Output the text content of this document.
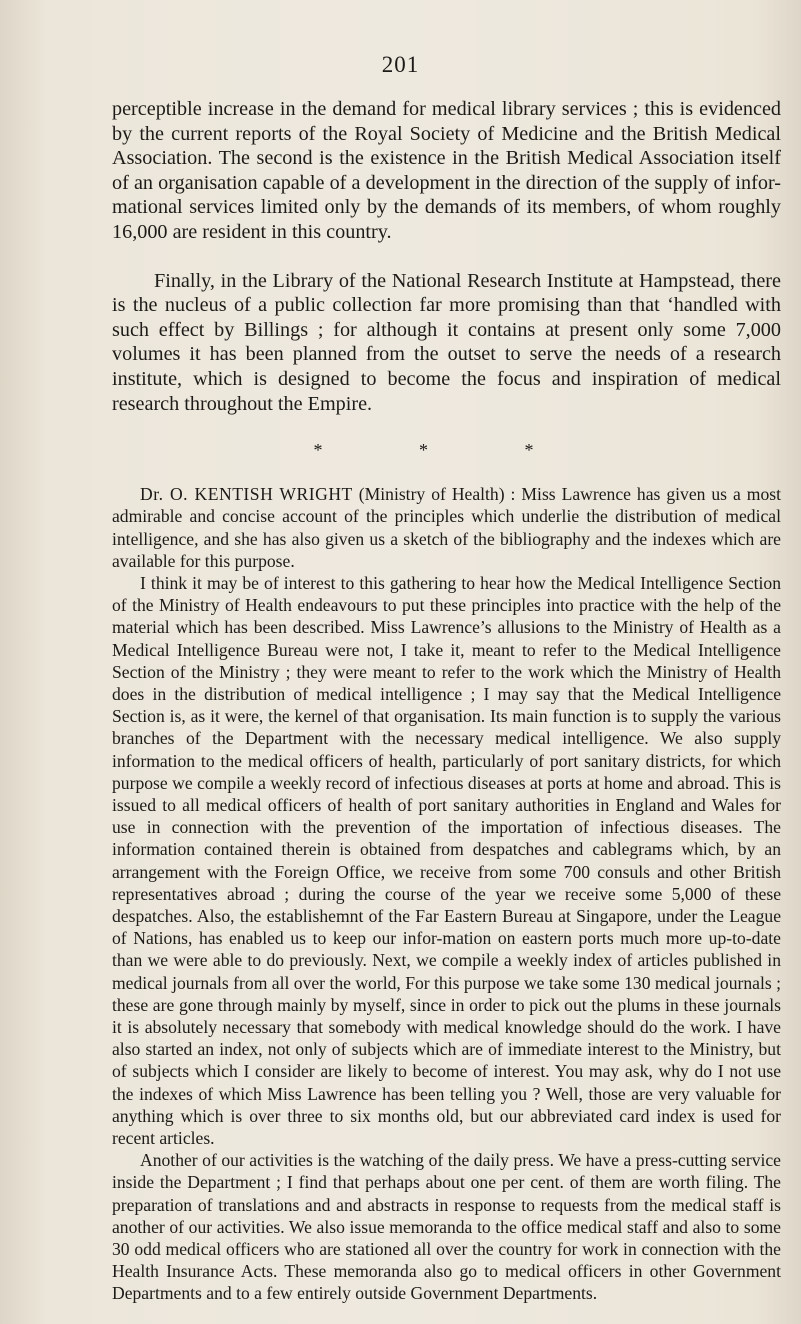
201

perceptible increase in the demand for medical library services ; this is evidenced by the current reports of the Royal Society of Medicine and the British Medical Association. The second is the existence in the British Medical Association itself of an organisation capable of a development in the direction of the supply of infor-mational services limited only by the demands of its members, of whom roughly 16,000 are resident in this country.

Finally, in the Library of the National Research Institute at Hampstead, there is the nucleus of a public collection far more promising than that ‘handled with such effect by Billings ; for although it contains at present only some 7,000 volumes it has been planned from the outset to serve the needs of a research institute, which is designed to become the focus and inspiration of medical research throughout the Empire.

* * *

Dr. O. KENTISH WRIGHT (Ministry of Health) : Miss Lawrence has given us a most admirable and concise account of the principles which underlie the distribution of medical intelligence, and she has also given us a sketch of the bibliography and the indexes which are available for this purpose.

I think it may be of interest to this gathering to hear how the Medical Intelligence Section of the Ministry of Health endeavours to put these principles into practice with the help of the material which has been described. Miss Lawrence’s allusions to the Ministry of Health as a Medical Intelligence Bureau were not, I take it, meant to refer to the Medical Intelligence Section of the Ministry ; they were meant to refer to the work which the Ministry of Health does in the distribution of medical intelligence ; I may say that the Medical Intelligence Section is, as it were, the kernel of that organisation. Its main function is to supply the various branches of the Department with the necessary medical intelligence. We also supply information to the medical officers of health, particularly of port sanitary districts, for which purpose we compile a weekly record of infectious diseases at ports at home and abroad. This is issued to all medical officers of health of port sanitary authorities in England and Wales for use in connection with the prevention of the importation of infectious diseases. The information contained therein is obtained from despatches and cablegrams which, by an arrangement with the Foreign Office, we receive from some 700 consuls and other British representatives abroad ; during the course of the year we receive some 5,000 of these despatches. Also, the establishemnt of the Far Eastern Bureau at Singapore, under the League of Nations, has enabled us to keep our infor-mation on eastern ports much more up-to-date than we were able to do previously. Next, we compile a weekly index of articles published in medical journals from all over the world, For this purpose we take some 130 medical journals ; these are gone through mainly by myself, since in order to pick out the plums in these journals it is absolutely necessary that somebody with medical knowledge should do the work. I have also started an index, not only of subjects which are of immediate interest to the Ministry, but of subjects which I consider are likely to become of interest. You may ask, why do I not use the indexes of which Miss Lawrence has been telling you ? Well, those are very valuable for anything which is over three to six months old, but our abbreviated card index is used for recent articles.

Another of our activities is the watching of the daily press. We have a press-cutting service inside the Department ; I find that perhaps about one per cent. of them are worth filing. The preparation of translations and and abstracts in response to requests from the medical staff is another of our activities. We also issue memoranda to the office medical staff and also to some 30 odd medical officers who are stationed all over the country for work in connection with the Health Insurance Acts. These memoranda also go to medical officers in other Government Departments and to a few entirely outside Government Departments.
